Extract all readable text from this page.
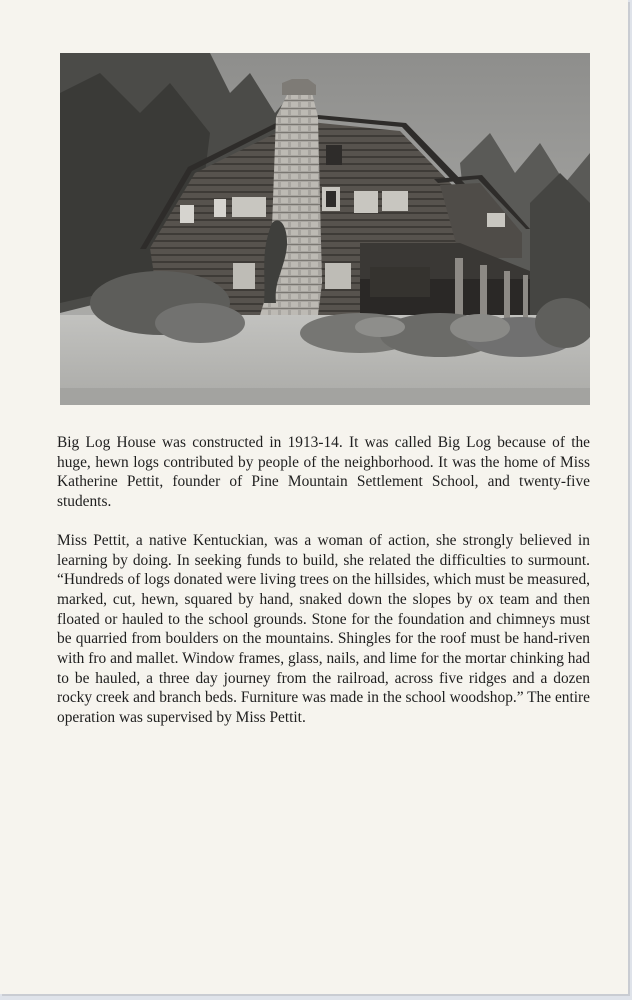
Big Log House was constructed in 1913-14. It was called Big Log because of the huge, hewn logs contributed by people of the neighborhood. It was the home of Miss Katherine Pettit, founder of Pine Mountain Settlement School, and twenty-five students.

Miss Pettit, a native Kentuckian, was a woman of action, she strongly believed in learning by doing. In seeking funds to build, she related the difficulties to surmount. “Hundreds of logs donated were living trees on the hillsides, which must be measured, marked, cut, hewn, squared by hand, snaked down the slopes by ox team and then floated or hauled to the school grounds. Stone for the foundation and chimneys must be quarried from boulders on the mountains. Shingles for the roof must be hand-riven with fro and mallet. Window frames, glass, nails, and lime for the mortar chinking had to be hauled, a three day journey from the railroad, across five ridges and a dozen rocky creek and branch beds. Furniture was made in the school woodshop.” The entire operation was supervised by Miss Pettit.
